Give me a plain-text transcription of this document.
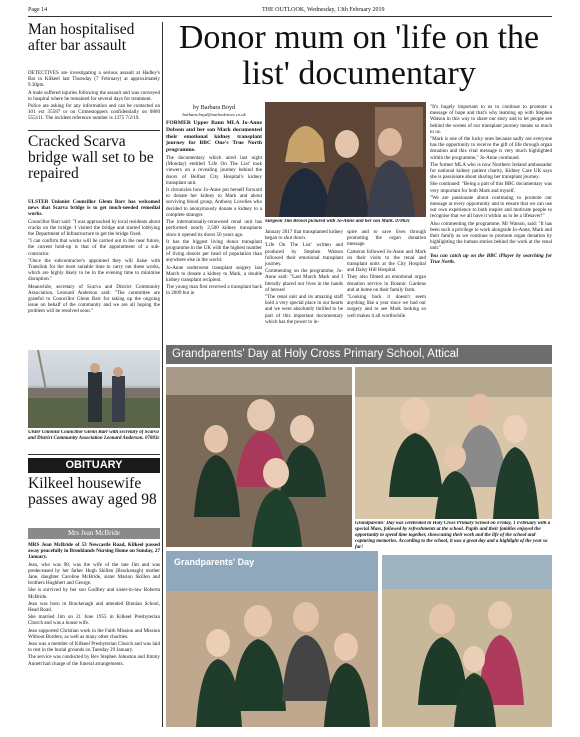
Page 14	THE OUTLOOK, Wednesday, 13th February 2019
Man hospitalised after bar assault

DETECTIVES are investigating a serious assault at Hadley's Bar in Kilkeel last Thursday (7 February) at approximately 9.30pm.

A male suffered injuries following the assault and was conveyed to hospital where he remained for several days for treatment.

Police are asking for any information and can be contacted on 101 ext 35587 or on Crimestoppers confidentially on 0800 555111. The incident reference number is 1375 7/2/19.

Cracked Scarva bridge wall set to be repaired

ULSTER Unionist Councillor Glenn Barr has welcomed news that Scarva bridge is to get much-needed remedial works.

Councillor Barr said: "I was approached by local residents about cracks on the bridge. I visited the bridge and started lobbying the Department of Infrastructure to get the bridge fixed.

"I can confirm that works will be carried out in the near future, the current hold-up is that of the appointment of a sub-contractor.

"Once the subcontractor's appointed they will liaise with Translink for the most suitable time to carry out these works, which are highly likely to be in the evening time to minimise disruption."

Meanwhile, secretary of Scarva and District Community Association, Leonard Anderson said: "The committee are grateful to Councillor Glenn Barr for taking up the ongoing issue on behalf of the community and we are all hoping the problem will be resolved soon."

Ulster Unionist Councillor Glenn Barr with secretary of Scarva and District Community Association Leonard Anderson. 07803c
OBITUARY
Kilkeel housewife passes away aged 98
Mrs Jean McBride

MRS Jean McBride of 53 Newcastle Road, Kilkeel passed away peacefully in Brooklands Nursing Home on Sunday, 27 January.

Jean, who was 98, was the wife of the late Jim and was predeceased by her father Hugh Skillen (Brackenagh) mother Jane, daughter Caroline McBride, sister Marion Skillen and brothers Hughbert and George.

She is survived by her son Godfrey and sister-in-law Roberta McBride.

Jean was born in Brackenagh and attended Binnian School, Head Road.

She married Jim on 21 June 1955 in Kilkeel Presbyterian Church and was a house wife.

Jean supported Christian work in the Faith Mission and Mission Without Borders, as well as many other charities.

Jean was a member of Kilkeel Presbyterian Church and was laid to rest in the burial grounds on Tuesday 29 January.

The service was conducted by Rev Stephen Johnston and Jimmy Annett had charge of the funeral arrangements.

Donor mum on 'life on the list' documentary
by Barbara Boyd
barbara.boyd@outlooknews.co.uk

FORMER Upper Bann MLA Jo-Anne Dobson and her son Mark documented their emotional kidney transplant journey for BBC One's True North programme.

The documentary which aired last night (Monday) entitled 'Life On The List' took viewers on a revealing journey behind the doors of Belfast City Hospital's kidney transplant unit.

It chronicles how Jo-Anne put herself forward to donate her kidney to Mark and about surviving blood group, Anthony Lovelies who decided to anonymously donate a kidney to a complete stranger.

The internationally-renowned renal unit has performed nearly 2,500 kidney transplants since it opened its doors 50 years ago.

It has the biggest living donor transplant programme in the UK with the highest number of living donors per head of population than anywhere else in the world.

Jo-Anne underwent transplant surgery last March to donate a kidney to Mark, a double kidney transplant recipient.

The young man first received a transplant back in 2009 but in

Surgeon Tim Brown pictured with Jo-Anne and her son Mark. 07802c

January 2017 that transplanted kidney began to shut down.

'Life On The List' written and produced by Stephen Watson followed their emotional transplant journey.

Commenting on the programme, Jo-Anne said: "Last March Mark and I literally placed our lives in the hands of heroes!

"The renal unit and its amazing staff hold a very special place in our hearts and we were absolutely thrilled to be part of this important documentary which has the power to in-

spire and to save lives through promoting the organ donation message.

Cameras followed Jo-Anne and Mark on their visits to the renal and transplant units at the City Hospital and Daisy Hill Hospital.

They also filmed an emotional organ donation service in Botanic Gardens and at home on their family farm.

"Looking back it doesn't seem anything like a year since we had our surgery and to see Mark looking so well makes it all worthwhile.

"It's hugely important to us to continue to promote a message of hope and that's why teaming up with Stephen Watson in this way to share our story and to let people see behind the scenes of our transplant journey means so much to us.

"Mark is one of the lucky ones because sadly not everyone has the opportunity to receive the gift of life through organ donation and this vital message is very much highlighted within the programme," Jo-Anne continued.

The former MLA who is now Northern Ireland ambassador for national kidney patient charity, Kidney Care UK says she is passionate about sharing her transplant journey.

She continued: "Being a part of this BBC documentary was very important for both Mark and myself.

"We are passionate about continuing to promote our message at every opportunity and to ensure that we can use our own experience to both inspire and motivate people to recognise that we all have it within us to be a lifesaver!"

Also commenting the programme, Mr Watson, said: "It has been such a privilege to work alongside Jo-Anne, Mark and their family as we continue to promote organ donation by highlighting the human stories behind the work at the renal unit."

You can catch up on the BBC iPlayer by searching for True North.

Grandparents' Day at Holy Cross Primary School, Attical
Grandparents' Day was celebrated in Holy Cross Primary School on Friday, 1 February with a special Mass, followed by refreshments at the school. Pupils and their families enjoyed the opportunity to spend time together, showcasing their work and the life of the school and capturing memories. According to the school, it was a great day and a highlight of the year so far!
Grandparents' Day
